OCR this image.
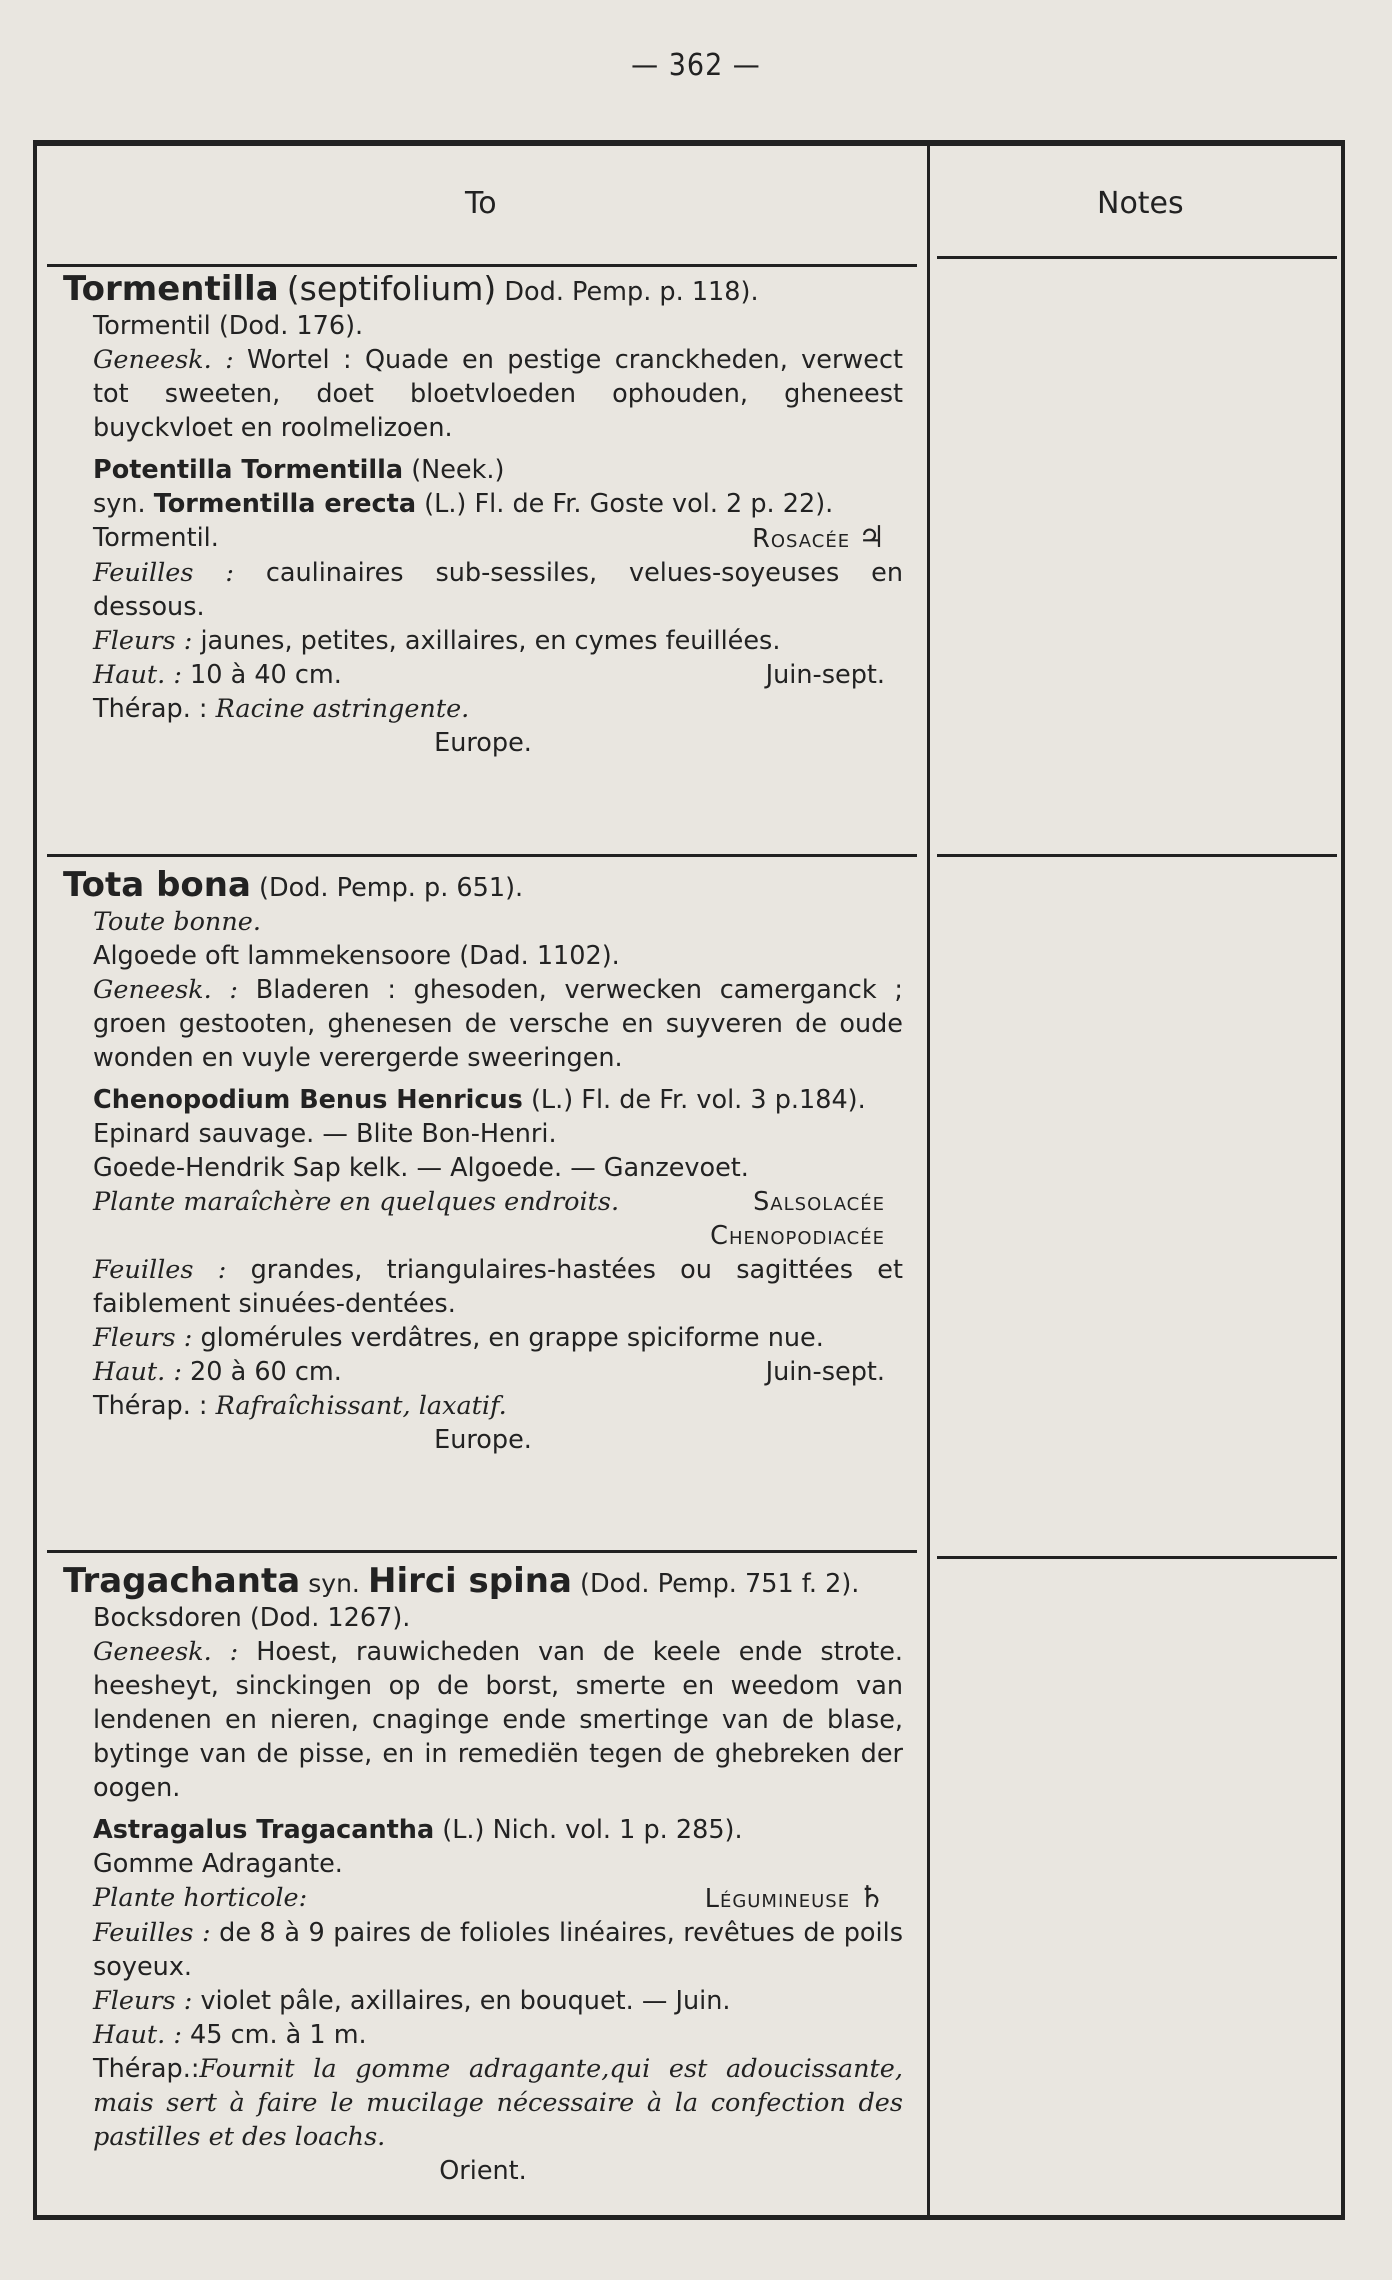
— 362 —
To	Notes

Tormentilla (septifolium) Dod. Pemp. p. 118).

Tormentil (Dod. 176).

Geneesk. : Wortel : Quade en pestige cranckheden, verwect tot sweeten, doet bloetvloeden ophouden, gheneest buyckvloet en roolmelizoen.

Potentilla Tormentilla (Neek.)

syn. Tormentilla erecta (L.) Fl. de Fr. Goste vol. 2 p. 22).

Tormentil.	Rosacée ♃

Feuilles : caulinaires sub-sessiles, velues-soyeuses en dessous.

Fleurs : jaunes, petites, axillaires, en cymes feuillées.

Haut. : 10 à 40 cm.	Juin-sept.

Thérap. : Racine astringente.

Europe.

Tota bona (Dod. Pemp. p. 651).

Toute bonne.

Algoede oft lammekensoore (Dad. 1102).

Geneesk. : Bladeren : ghesoden, verwecken camerganck ; groen gestooten, ghenesen de versche en suyveren de oude wonden en vuyle verergerde sweeringen.

Chenopodium Benus Henricus (L.) Fl. de Fr. vol. 3 p.184).

Epinard sauvage. — Blite Bon-Henri.

Goede-Hendrik Sap kelk. — Algoede. — Ganzevoet.

Plante maraîchère en quelques endroits.	Salsolacée
Chenopodiacée

Feuilles : grandes, triangulaires-hastées ou sagittées et faiblement sinuées-dentées.

Fleurs : glomérules verdâtres, en grappe spiciforme nue.

Haut. : 20 à 60 cm.	Juin-sept.

Thérap. : Rafraîchissant, laxatif.

Europe.

Tragachanta syn. Hirci spina (Dod. Pemp. 751 f. 2).

Bocksdoren (Dod. 1267).

Geneesk. : Hoest, rauwicheden van de keele ende strote. heesheyt, sinckingen op de borst, smerte en weedom van lendenen en nieren, cnaginge ende smertinge van de blase, bytinge van de pisse, en in remediën tegen de ghebreken der oogen.

Astragalus Tragacantha (L.) Nich. vol. 1 p. 285).

Gomme Adragante.

Plante horticole:	Légumineuse ♄

Feuilles : de 8 à 9 paires de folioles linéaires, revêtues de poils soyeux.

Fleurs : violet pâle, axillaires, en bouquet. — Juin.

Haut. : 45 cm. à 1 m.

Thérap.:Fournit la gomme adragante,qui est adoucissante, mais sert à faire le mucilage nécessaire à la confection des pastilles et des loachs.

Orient.
